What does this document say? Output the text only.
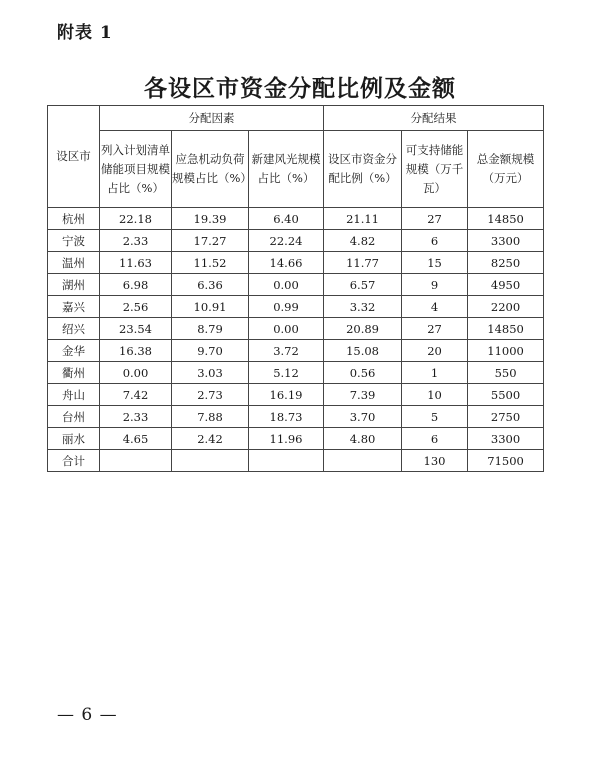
附表 1
各设区市资金分配比例及金额
设区市	分配因素			分配结果		
	列入计划清单储能项目规模占比（%）	应急机动负荷规模占比（%）	新建风光规模占比（%）	设区市资金分配比例（%）	可支持储能规模（万千瓦）	总金额规模（万元）
杭州	22.18	19.39	6.40	21.11	27	14850
宁波	2.33	17.27	22.24	4.82	6	3300
温州	11.63	11.52	14.66	11.77	15	8250
湖州	6.98	6.36	0.00	6.57	9	4950
嘉兴	2.56	10.91	0.99	3.32	4	2200
绍兴	23.54	8.79	0.00	20.89	27	14850
金华	16.38	9.70	3.72	15.08	20	11000
衢州	0.00	3.03	5.12	0.56	1	550
舟山	7.42	2.73	16.19	7.39	10	5500
台州	2.33	7.88	18.73	3.70	5	2750
丽水	4.65	2.42	11.96	4.80	6	3300
合计					130	71500
— 6 —
